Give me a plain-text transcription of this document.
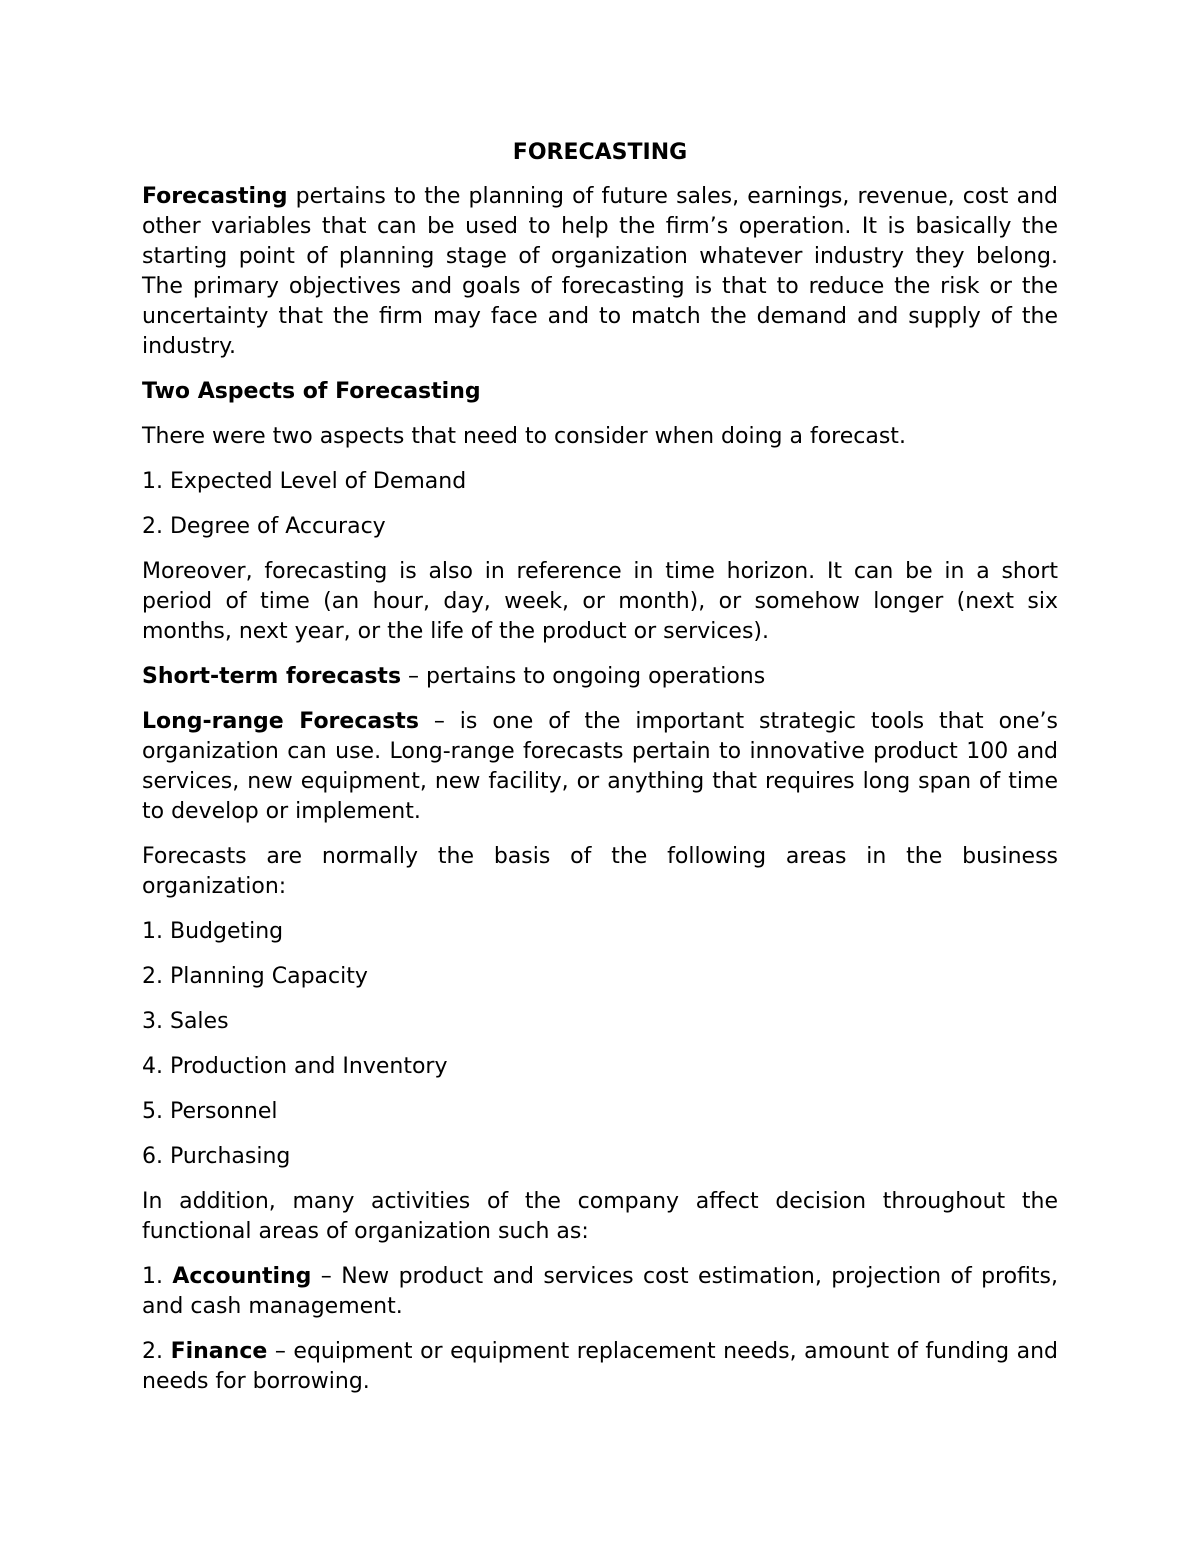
FORECASTING

Forecasting pertains to the planning of future sales, earnings, revenue, cost and other variables that can be used to help the firm’s operation. It is basically the starting point of planning stage of organization whatever industry they belong. The primary objectives and goals of forecasting is that to reduce the risk or the uncertainty that the firm may face and to match the demand and supply of the industry.

Two Aspects of Forecasting

There were two aspects that need to consider when doing a forecast.

1. Expected Level of Demand

2. Degree of Accuracy

Moreover, forecasting is also in reference in time horizon. It can be in a short period of time (an hour, day, week, or month), or somehow longer (next six months, next year, or the life of the product or services).

Short-term forecasts – pertains to ongoing operations

Long-range Forecasts – is one of the important strategic tools that one’s organization can use. Long-range forecasts pertain to innovative product 100 and services, new equipment, new facility, or anything that requires long span of time to develop or implement.

Forecasts are normally the basis of the following areas in the business organization:

1. Budgeting

2. Planning Capacity

3. Sales

4. Production and Inventory

5. Personnel

6. Purchasing

In addition, many activities of the company affect decision throughout the functional areas of organization such as:

1. Accounting – New product and services cost estimation, projection of profits, and cash management.

2. Finance – equipment or equipment replacement needs, amount of funding and needs for borrowing.
